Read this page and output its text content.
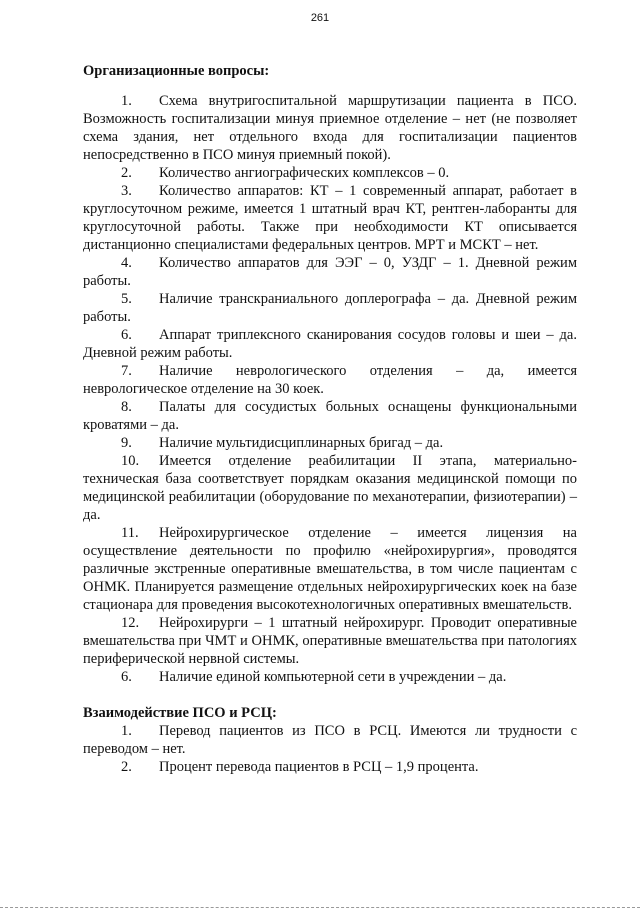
261

Организационные вопросы:

1. Схема внутригоспитальной маршрутизации пациента в ПСО. Возможность госпитализации минуя приемное отделение – нет (не позволяет схема здания, нет отдельного входа для госпитализации пациентов непосредственно в ПСО минуя приемный покой).

2. Количество ангиографических комплексов – 0.

3. Количество аппаратов: КТ – 1 современный аппарат, работает в круглосуточном режиме, имеется 1 штатный врач КТ, рентген-лаборанты для круглосуточной работы. Также при необходимости КТ описывается дистанционно специалистами федеральных центров. МРТ и МСКТ – нет.

4. Количество аппаратов для ЭЭГ – 0, УЗДГ – 1. Дневной режим работы.

5. Наличие транскраниального доплерографа – да. Дневной режим работы.

6. Аппарат триплексного сканирования сосудов головы и шеи – да. Дневной режим работы.

7. Наличие неврологического отделения – да, имеется неврологическое отделение на 30 коек.

8. Палаты для сосудистых больных оснащены функциональными кроватями – да.

9. Наличие мультидисциплинарных бригад – да.

10. Имеется отделение реабилитации II этапа, материально-техническая база соответствует порядкам оказания медицинской помощи по медицинской реабилитации (оборудование по механотерапии, физиотерапии) – да.

11. Нейрохирургическое отделение – имеется лицензия на осуществление деятельности по профилю «нейрохирургия», проводятся различные экстренные оперативные вмешательства, в том числе пациентам с ОНМК. Планируется размещение отдельных нейрохирургических коек на базе стационара для проведения высокотехнологичных оперативных вмешательств.

12. Нейрохирурги – 1 штатный нейрохирург. Проводит оперативные вмешательства при ЧМТ и ОНМК, оперативные вмешательства при патологиях периферической нервной системы.

6. Наличие единой компьютерной сети в учреждении – да.

Взаимодействие ПСО и РСЦ:

1. Перевод пациентов из ПСО в РСЦ. Имеются ли трудности с переводом – нет.

2. Процент перевода пациентов в РСЦ – 1,9 процента.
